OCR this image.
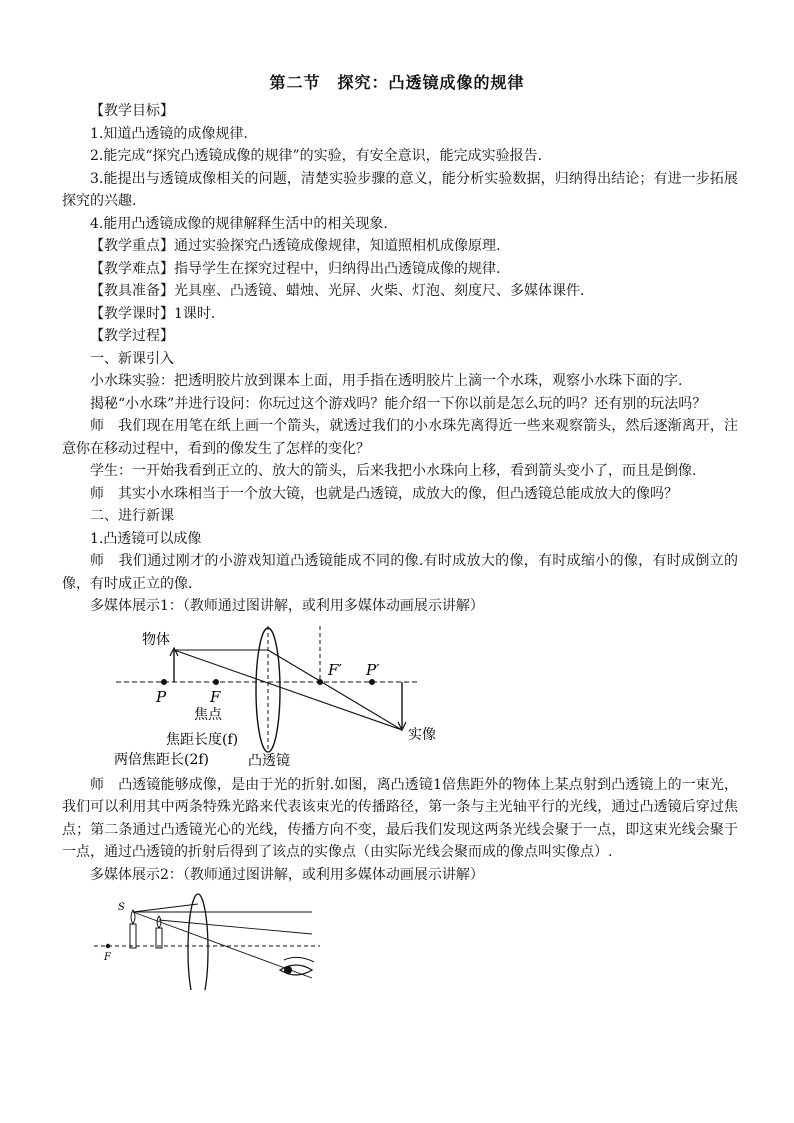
第二节　探究：凸透镜成像的规律

【教学目标】

1.知道凸透镜的成像规律.

2.能完成“探究凸透镜成像的规律”的实验，有安全意识，能完成实验报告.

3.能提出与透镜成像相关的问题，清楚实验步骤的意义，能分析实验数据，归纳得出结论；有进一步拓展探究的兴趣.

4.能用凸透镜成像的规律解释生活中的相关现象.

【教学重点】通过实验探究凸透镜成像规律，知道照相机成像原理.

【教学难点】指导学生在探究过程中，归纳得出凸透镜成像的规律.

【教具准备】光具座、凸透镜、蜡烛、光屏、火柴、灯泡、刻度尺、多媒体课件.

【教学课时】1课时.

【教学过程】

一、新课引入

小水珠实验：把透明胶片放到课本上面，用手指在透明胶片上滴一个水珠，观察小水珠下面的字.

揭秘“小水珠”并进行设问：你玩过这个游戏吗？能介绍一下你以前是怎么玩的吗？还有别的玩法吗？

师　我们现在用笔在纸上画一个箭头，就透过我们的小水珠先离得近一些来观察箭头，然后逐渐离开，注意你在移动过程中，看到的像发生了怎样的变化？

学生：一开始我看到正立的、放大的箭头，后来我把小水珠向上移，看到箭头变小了，而且是倒像.

师　其实小水珠相当于一个放大镜，也就是凸透镜，成放大的像，但凸透镜总能成放大的像吗？

二、进行新课

1.凸透镜可以成像

师　我们通过刚才的小游戏知道凸透镜能成不同的像.有时成放大的像，有时成缩小的像，有时成倒立的像，有时成正立的像.

多媒体展示1：（教师通过图讲解，或利用多媒体动画展示讲解）

物体
P	F
F′ P′
焦点
焦距长度(f)
两倍焦距长(2f)	凸透镜
实像

师　凸透镜能够成像，是由于光的折射.如图，离凸透镜1倍焦距外的物体上某点射到凸透镜上的一束光，我们可以利用其中两条特殊光路来代表该束光的传播路径，第一条与主光轴平行的光线，通过凸透镜后穿过焦点；第二条通过凸透镜光心的光线，传播方向不变，最后我们发现这两条光线会聚于一点，即这束光线会聚于一点，通过凸透镜的折射后得到了该点的实像点（由实际光线会聚而成的像点叫实像点）.

多媒体展示2：（教师通过图讲解，或利用多媒体动画展示讲解）

S
F
